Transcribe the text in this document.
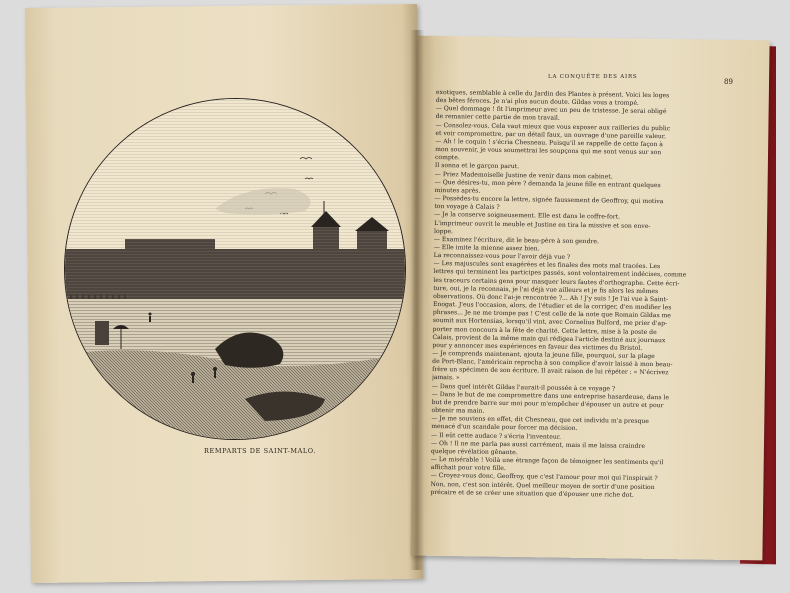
REMPARTS DE SAINT-MALO.
LA CONQUÊTE DES AIRS
89
exotiques, semblable à celle du Jardin des Plantes à présent. Voici les loges
des bêtes féroces. Je n'ai plus aucun doute. Gildas vous a trompé.
— Quel dommage ! fit l'imprimeur avec un peu de tristesse. Je serai obligé
de remanier cette partie de mon travail.
— Consolez-vous. Cela vaut mieux que vous exposer aux railleries du public
et voir compromettre, par un détail faux, un ouvrage d'une pareille valeur.
— Ah ! le coquin ! s'écria Chesneau. Puisqu'il se rappelle de cette façon à
mon souvenir, je vous soumettrai les soupçons qui me sont venus sur son
compte.
Il sonna et le garçon parut.
— Priez Mademoiselle Justine de venir dans mon cabinet.
— Que désires-tu, mon père ? demanda la jeune fille en entrant quelques
minutes après.
— Possèdes-tu encore la lettre, signée faussement de Geoffroy, qui motiva
ton voyage à Calais ?
— Je la conserve soigneusement. Elle est dans le coffre-fort.
L'imprimeur ouvrit le meuble et Justine en tira la missive et son enve-
loppe.
— Examinez l'écriture, dit le beau-père à son gendre.
— Elle imite la mienne assez bien.
La reconnaissez-vous pour l'avoir déjà vue ?
— Les majuscules sont exagérées et les finales des mots mal tracées. Les
lettres qui terminent les participes passés, sont volontairement indécises, comme
les traceurs certains gens pour masquer leurs fautes d'orthographe. Cette écri-
ture, oui, je la reconnais, je l'ai déjà vue ailleurs et je fis alors les mêmes
observations. Où donc l'ai-je rencontrée ?... Ah ! J'y suis ! Je l'ai vue à Saint-
Enogat. J'eus l'occasion, alors, de l'étudier et de la corriger, d'en modifier les
phrases... Je ne me trompe pas ! C'est celle de la note que Romain Gildas me
soumit aux Hortensias, lorsqu'il vint, avec Cornelius Bulford, me prier d'ap-
porter mon concours à la fête de charité. Cette lettre, mise à la poste de
Calais, provient de la même main qui rédigea l'article destiné aux journaux
pour y annoncer mes expériences en faveur des victimes du Bristol.
— Je comprends maintenant, ajouta la jeune fille, pourquoi, sur la plage
de Port-Blanc, l'américain reprocha à son complice d'avoir laissé à mon beau-
frère un spécimen de son écriture. Il avait raison de lui répéter : « N'écrivez
jamais. »
— Dans quel intérêt Gildas l'aurait-il poussée à ce voyage ?
— Dans le but de me compromettre dans une entreprise hasardeuse, dans le
but de prendre barre sur moi pour m'empêcher d'épouser un autre et pour
obtenir ma main.
— Je me souviens en effet, dit Chesneau, que cet individu m'a presque
menacé d'un scandale pour forcer ma décision.
— Il eût cette audace ? s'écria l'inventeur.
— Oh ! Il ne me parla pas aussi carrément, mais il me laissa craindre
quelque révélation gênante.
— Le misérable ! Voilà une étrange façon de témoigner les sentiments qu'il
affichait pour votre fille.
— Croyez-vous donc, Geoffroy, que c'est l'amour pour moi qui l'inspirait ?
Non, non, c'est son intérêt. Quel meilleur moyen de sortir d'une position
précaire et de se créer une situation que d'épouser une riche dot.
